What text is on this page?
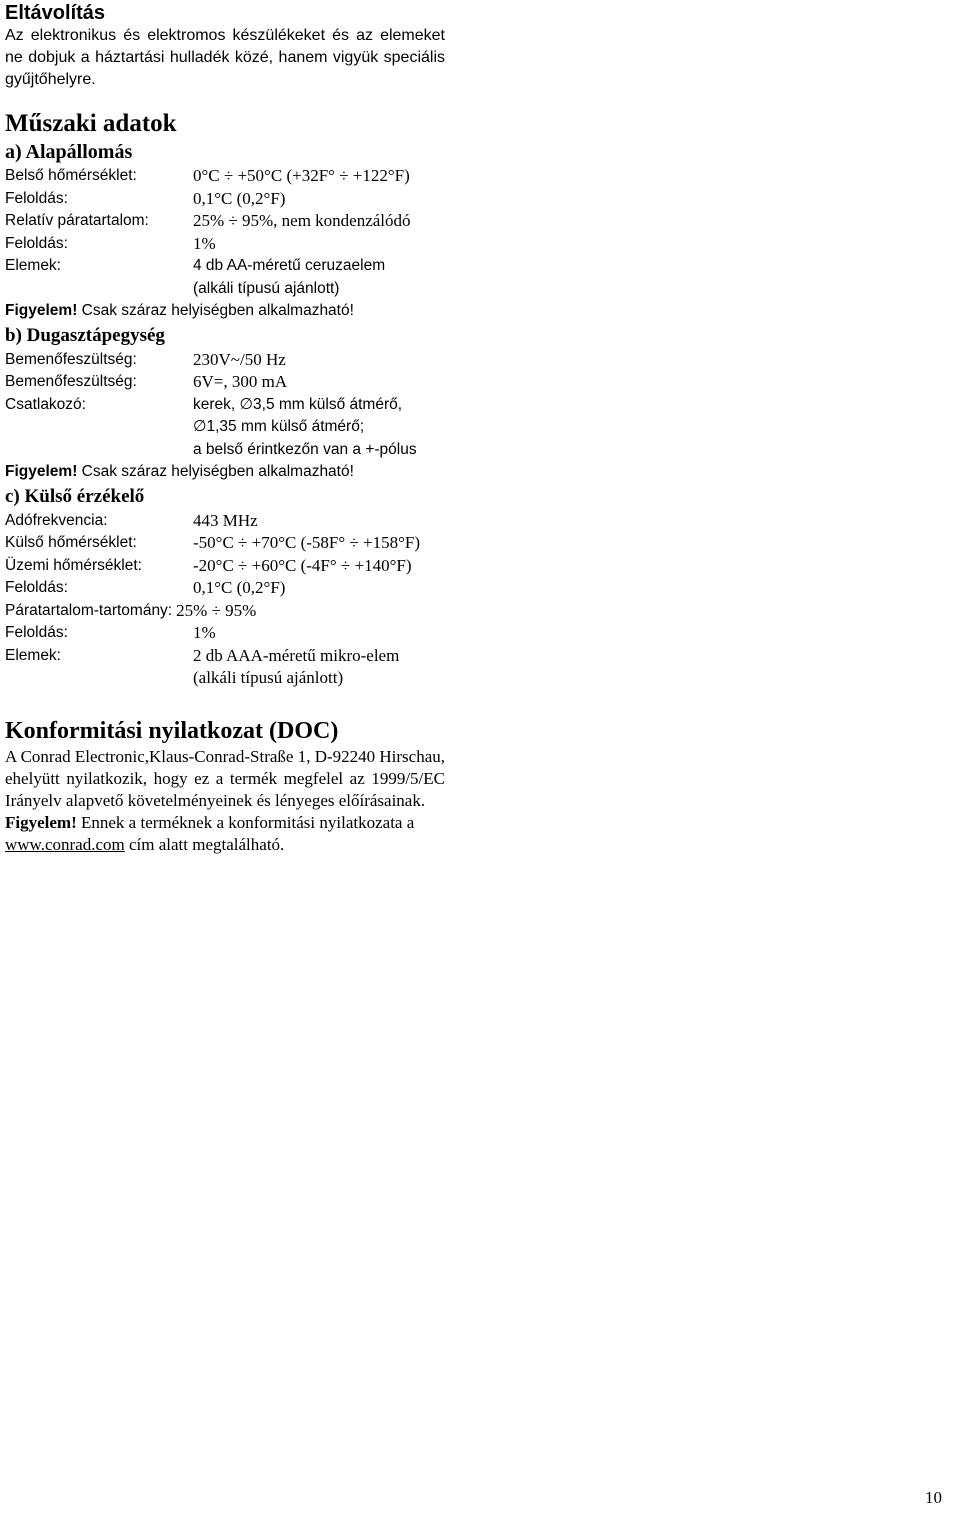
Eltávolítás

Az elektronikus és elektromos készülékeket és az elemeket ne dobjuk a háztartási hulladék közé, hanem vigyük speciális gyűjtőhelyre.

Műszaki adatok
a) Alapállomás
Belső hőmérséklet:	0°C ÷ +50°C (+32F° ÷ +122°F)
Feloldás:	0,1°C (0,2°F)
Relatív páratartalom:	25% ÷ 95%, nem kondenzálódó
Feloldás:	1%
Elemek:	4 db AA-méretű ceruzaelem
(alkáli típusú ajánlott)
Figyelem! Csak száraz helyiségben alkalmazható!
b) Dugasztápegység
Bemenőfeszültség:	230V~/50 Hz
Bemenőfeszültség:	6V=, 300 mA
Csatlakozó:	kerek, ∅3,5 mm külső átmérő,
∅1,35 mm külső átmérő;
a belső érintkezőn van a +-pólus
Figyelem! Csak száraz helyiségben alkalmazható!
c) Külső érzékelő
Adófrekvencia:	443 MHz
Külső hőmérséklet:	-50°C ÷ +70°C (-58F° ÷ +158°F)
Üzemi hőmérséklet:	-20°C ÷ +60°C (-4F° ÷ +140°F)
Feloldás:	0,1°C (0,2°F)
Páratartalom-tartomány: 25% ÷ 95%
Feloldás:	1%
Elemek:	2 db AAA-méretű mikro-elem
(alkáli típusú ajánlott)
Konformitási nyilatkozat (DOC)

A Conrad Electronic,Klaus-Conrad-Straße 1, D-92240 Hirschau, ehelyütt nyilatkozik, hogy ez a termék megfelel az 1999/5/EC Irányelv alapvető követelményeinek és lényeges előírásainak.

Figyelem! Ennek a terméknek a konformitási nyilatkozata a www.conrad.com cím alatt megtalálható.

10
